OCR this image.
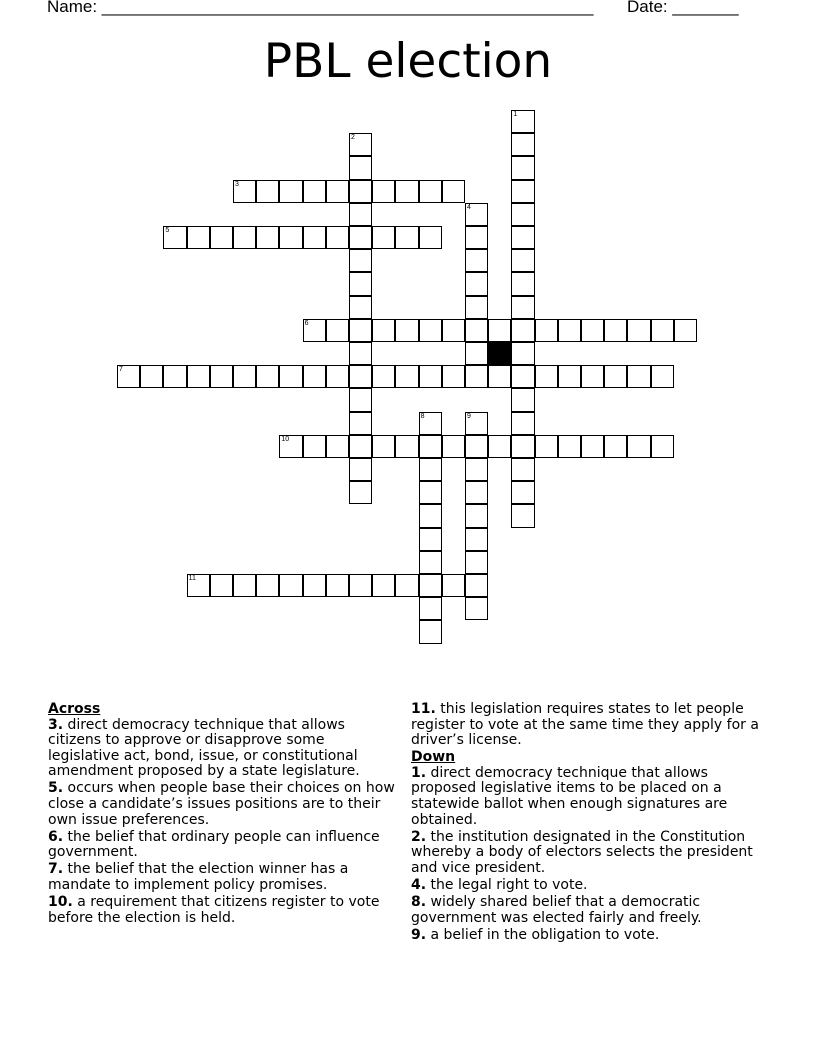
Name: ____________________________________________________ Date: _______
PBL election
1
2
3
4
5
6
7
8	9
10
11
Across
3. direct democracy technique that allows citizens to approve or disapprove some legislative act, bond, issue, or constitutional amendment proposed by a state legislature.
5. occurs when people base their choices on how close a candidate’s issues positions are to their own issue preferences.
6. the belief that ordinary people can influence government.
7. the belief that the election winner has a mandate to implement policy promises.
10. a requirement that citizens register to vote before the election is held.
11. this legislation requires states to let people register to vote at the same time they apply for a driver’s license.
Down
1. direct democracy technique that allows proposed legislative items to be placed on a statewide ballot when enough signatures are obtained.
2. the institution designated in the Constitution whereby a body of electors selects the president and vice president.
4. the legal right to vote.
8. widely shared belief that a democratic government was elected fairly and freely.
9. a belief in the obligation to vote.
